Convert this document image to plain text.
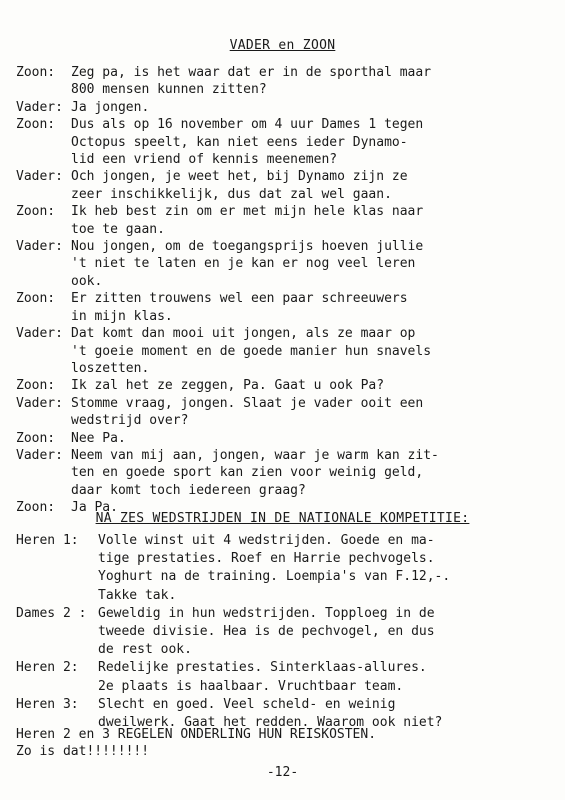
VADER en ZOON
Zoon:	Zeg pa, is het waar dat er in de sporthal maar
800 mensen kunnen zitten?
Vader: Ja jongen.
Zoon:	Dus als op 16 november om 4 uur Dames 1 tegen
Octopus speelt, kan niet eens ieder Dynamo-
lid een vriend of kennis meenemen?
Vader: Och jongen, je weet het, bij Dynamo zijn ze
zeer inschikkelijk, dus dat zal wel gaan.
Zoon:	Ik heb best zin om er met mijn hele klas naar
toe te gaan.
Vader: Nou jongen, om de toegangsprijs hoeven jullie
't niet te laten en je kan er nog veel leren
ook.
Zoon:	Er zitten trouwens wel een paar schreeuwers
in mijn klas.
Vader: Dat komt dan mooi uit jongen, als ze maar op
't goeie moment en de goede manier hun snavels
loszetten.
Zoon:	Ik zal het ze zeggen, Pa. Gaat u ook Pa?
Vader: Stomme vraag, jongen. Slaat je vader ooit een
wedstrijd over?
Zoon:	Nee Pa.
Vader: Neem van mij aan, jongen, waar je warm kan zit-
ten en goede sport kan zien voor weinig geld,
daar komt toch iedereen graag?
Zoon:	Ja Pa.
NA ZES WEDSTRIJDEN IN DE NATIONALE KOMPETITIE:
Heren 1:	Volle winst uit 4 wedstrijden. Goede en ma-
tige prestaties. Roef en Harrie pechvogels.
Yoghurt na de training. Loempia's van F.12,-.
Takke tak.
Dames 2 : Geweldig in hun wedstrijden. Topploeg in de
tweede divisie. Hea is de pechvogel, en dus
de rest ook.
Heren 2:	Redelijke prestaties. Sinterklaas-allures.
2e plaats is haalbaar. Vruchtbaar team.
Heren 3:	Slecht en goed. Veel scheld- en weinig
dweilwerk. Gaat het redden. Waarom ook niet?
Heren 2 en 3 REGELEN ONDERLING HUN REISKOSTEN.
Zo is dat!!!!!!!!
-12-
